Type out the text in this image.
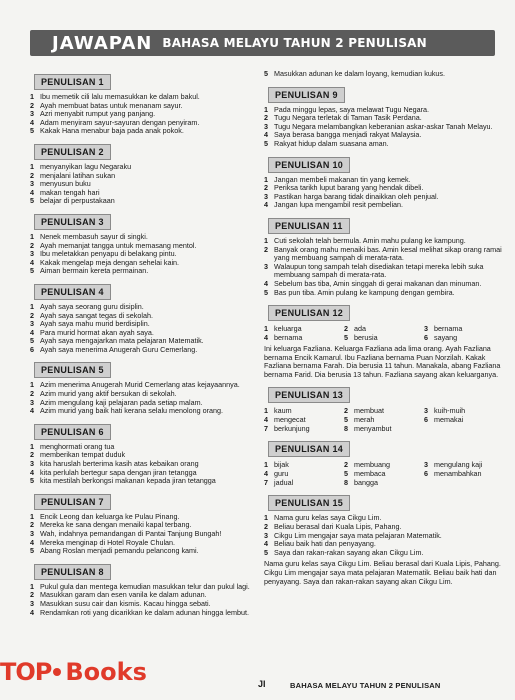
JAWAPAN BAHASA MELAYU TAHUN 2 PENULISAN
PENULISAN 1
1 Ibu memetik cili lalu memasukkan ke dalam bakul.
2 Ayah membuat batas untuk menanam sayur.
3 Azri menyabit rumput yang panjang.
4 Adam menyiram sayur-sayuran dengan penyiram.
5 Kakak Hana menabur baja pada anak pokok.
PENULISAN 2
1 menyanyikan lagu Negaraku
2 menjalani latihan sukan
3 menyusun buku
4 makan tengah hari
5 belajar di perpustakaan
PENULISAN 3
1 Nenek membasuh sayur di singki.
2 Ayah memanjat tangga untuk memasang mentol.
3 Ibu meletakkan penyapu di belakang pintu.
4 Kakak mengelap meja dengan sehelai kain.
5 Aiman bermain kereta permainan.
PENULISAN 4
1 Ayah saya seorang guru disiplin.
2 Ayah saya sangat tegas di sekolah.
3 Ayah saya mahu murid berdisiplin.
4 Para murid hormat akan ayah saya.
5 Ayah saya mengajarkan mata pelajaran Matematik.
6 Ayah saya menerima Anugerah Guru Cemerlang.
PENULISAN 5
1 Azim menerima Anugerah Murid Cemerlang atas kejayaannya.
2 Azim murid yang aktif bersukan di sekolah.
3 Azim mengulang kaji pelajaran pada setiap malam.
4 Azim murid yang baik hati kerana selalu menolong orang.
PENULISAN 6
1 menghormati orang tua
2 memberikan tempat duduk
3 kita haruslah berterima kasih atas kebaikan orang
4 kita perlulah bertegur sapa dengan jiran tetangga
5 kita mestilah berkongsi makanan kepada jiran tetangga
PENULISAN 7
1 Encik Leong dan keluarga ke Pulau Pinang.
2 Mereka ke sana dengan menaiki kapal terbang.
3 Wah, indahnya pemandangan di Pantai Tanjung Bungah!
4 Mereka menginap di Hotel Royale Chulan.
5 Abang Roslan menjadi pemandu pelancong kami.
PENULISAN 8
1 Pukul gula dan mentega kemudian masukkan telur dan pukul lagi.
2 Masukkan garam dan esen vanila ke dalam adunan.
3 Masukkan susu cair dan kismis. Kacau hingga sebati.
4 Rendamkan roti yang dicarikkan ke dalam adunan hingga lembut.
5 Masukkan adunan ke dalam loyang, kemudian kukus.
PENULISAN 9
1 Pada minggu lepas, saya melawat Tugu Negara.
2 Tugu Negara terletak di Taman Tasik Perdana.
3 Tugu Negara melambangkan keberanian askar-askar Tanah Melayu.
4 Saya berasa bangga menjadi rakyat Malaysia.
5 Rakyat hidup dalam suasana aman.
PENULISAN 10
1 Jangan membeli makanan tin yang kemek.
2 Periksa tarikh luput barang yang hendak dibeli.
3 Pastikan harga barang tidak dinaikkan oleh penjual.
4 Jangan lupa mengambil resit pembelian.
PENULISAN 11
1 Cuti sekolah telah bermula. Amin mahu pulang ke kampung.
2 Banyak orang mahu menaiki bas. Amin kesal melihat sikap orang ramai yang membuang sampah di merata-rata.
3 Walaupun tong sampah telah disediakan tetapi mereka lebih suka membuang sampah di merata-rata.
4 Sebelum bas tiba, Amin singgah di gerai makanan dan minuman.
5 Bas pun tiba. Amin pulang ke kampung dengan gembira.
PENULISAN 12
1 keluarga	2 ada	3 bernama
4 bernama	5 berusia	6 sayang

Ini keluarga Fazliana. Keluarga Fazliana ada lima orang. Ayah Fazliana bernama Encik Kamarul. Ibu Fazliana bernama Puan Norzilah. Kakak Fazliana bernama Farah. Dia berusia 11 tahun. Manakala, abang Fazliana bernama Farid. Dia berusia 13 tahun. Fazliana sayang akan keluarganya.

PENULISAN 13
1 kaum	2 membuat	3 kuih-muih
4 mengecat	5 merah	6 memakai
7 berkunjung	8 menyambut
PENULISAN 14
1 bijak	2 membuang	3 mengulang kaji
4 guru	5 membaca	6 menambahkan
7 jadual	8 bangga
PENULISAN 15
1 Nama guru kelas saya Cikgu Lim.
2 Beliau berasal dari Kuala Lipis, Pahang.
3 Cikgu Lim mengajar saya mata pelajaran Matematik.
4 Beliau baik hati dan penyayang.
5 Saya dan rakan-rakan sayang akan Cikgu Lim.

Nama guru kelas saya Cikgu Lim. Beliau berasal dari Kuala Lipis, Pahang. Cikgu Lim mengajar saya mata pelajaran Matematik. Beliau baik hati dan penyayang. Saya dan rakan-rakan sayang akan Cikgu Lim.

TOP Books	JI	BAHASA MELAYU TAHUN 2 PENULISAN
